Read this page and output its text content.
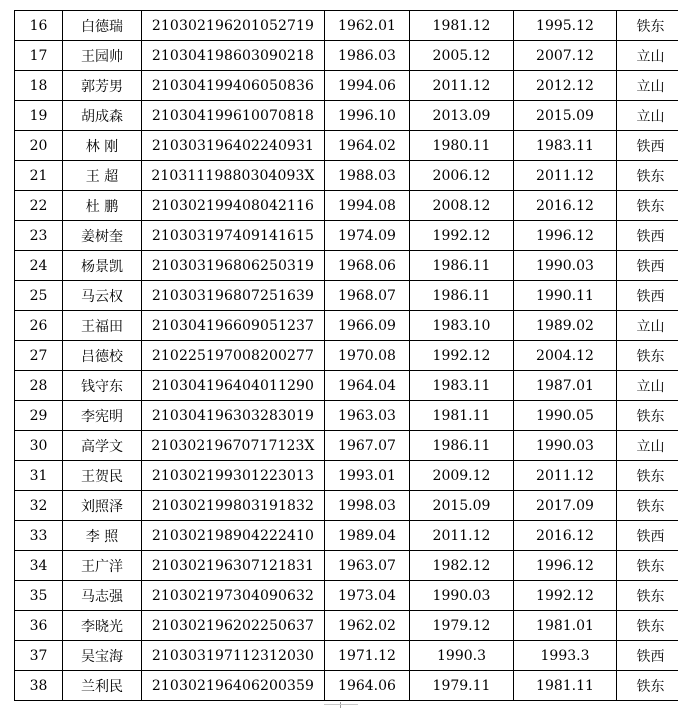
16	白德瑞	210302196201052719	1962.01	1981.12	1995.12	铁东
17	王园帅	210304198603090218	1986.03	2005.12	2007.12	立山
18	郭芳男	210304199406050836	1994.06	2011.12	2012.12	立山
19	胡成森	210304199610070818	1996.10	2013.09	2015.09	立山
20	林 刚	210303196402240931	1964.02	1980.11	1983.11	铁西
21	王 超	21031119880304093X	1988.03	2006.12	2011.12	铁东
22	杜 鹏	210302199408042116	1994.08	2008.12	2016.12	铁东
23	姜树奎	210303197409141615	1974.09	1992.12	1996.12	铁西
24	杨景凯	210303196806250319	1968.06	1986.11	1990.03	铁西
25	马云权	210303196807251639	1968.07	1986.11	1990.11	铁西
26	王福田	210304196609051237	1966.09	1983.10	1989.02	立山
27	吕德校	210225197008200277	1970.08	1992.12	2004.12	铁东
28	钱守东	210304196404011290	1964.04	1983.11	1987.01	立山
29	李宪明	210304196303283019	1963.03	1981.11	1990.05	铁东
30	高学文	21030219670717123X	1967.07	1986.11	1990.03	立山
31	王贺民	210302199301223013	1993.01	2009.12	2011.12	铁东
32	刘照泽	210302199803191832	1998.03	2015.09	2017.09	铁东
33	李 照	210302198904222410	1989.04	2011.12	2016.12	铁西
34	王广洋	210302196307121831	1963.07	1982.12	1996.12	铁东
35	马志强	210302197304090632	1973.04	1990.03	1992.12	铁东
36	李晓光	210302196202250637	1962.02	1979.12	1981.01	铁东
37	吴宝海	210303197112312030	1971.12	1990.3	1993.3	铁西
38	兰利民	210302196406200359	1964.06	1979.11	1981.11	铁东
